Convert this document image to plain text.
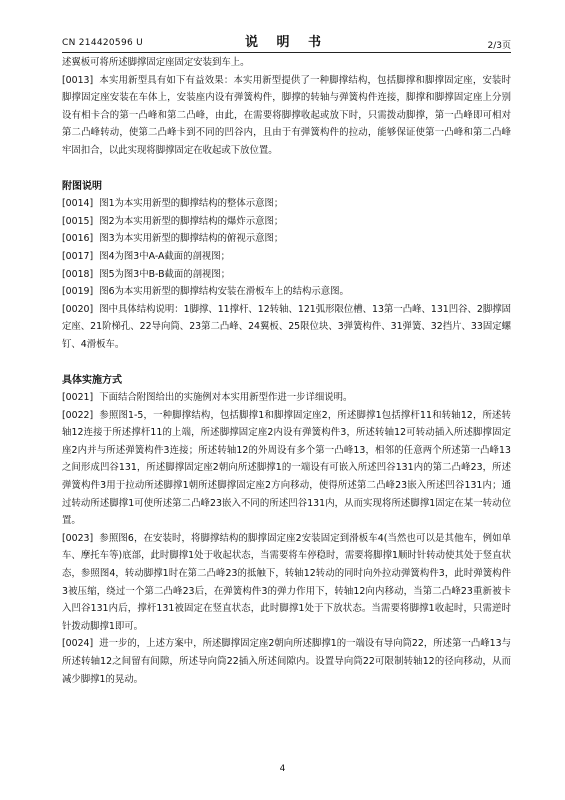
CN 214420596 U	说 明 书	2/3页

述翼板可将所述脚撑固定座固定安装到车上。

[0013] 本实用新型具有如下有益效果：本实用新型提供了一种脚撑结构，包括脚撑和脚撑固定座，安装时脚撑固定座安装在车体上，安装座内设有弹簧构件，脚撑的转轴与弹簧构件连接，脚撑和脚撑固定座上分别设有相卡合的第一凸峰和第二凸峰，由此，在需要将脚撑收起或放下时，只需拨动脚撑，第一凸峰即可相对第二凸峰转动，使第二凸峰卡到不同的凹谷内，且由于有弹簧构件的拉动，能够保证使第一凸峰和第二凸峰牢固扣合，以此实现将脚撑固定在收起或下放位置。

附图说明

[0014] 图1为本实用新型的脚撑结构的整体示意图；

[0015] 图2为本实用新型的脚撑结构的爆炸示意图；

[0016] 图3为本实用新型的脚撑结构的俯视示意图；

[0017] 图4为图3中A-A截面的剖视图；

[0018] 图5为图3中B-B截面的剖视图；

[0019] 图6为本实用新型的脚撑结构安装在滑板车上的结构示意图。

[0020] 图中具体结构说明：1脚撑、11撑杆、12转轴、121弧形限位槽、13第一凸峰、131凹谷、2脚撑固定座、21阶梯孔、22导向筒、23第二凸峰、24翼板、25限位块、3弹簧构件、31弹簧、32挡片、33固定螺钉、4滑板车。

具体实施方式

[0021] 下面结合附图给出的实施例对本实用新型作进一步详细说明。

[0022] 参照图1-5，一种脚撑结构，包括脚撑1和脚撑固定座2，所述脚撑1包括撑杆11和转轴12，所述转轴12连接于所述撑杆11的上端，所述脚撑固定座2内设有弹簧构件3，所述转轴12可转动插入所述脚撑固定座2内并与所述弹簧构件3连接；所述转轴12的外周设有多个第一凸峰13，相邻的任意两个所述第一凸峰13之间形成凹谷131，所述脚撑固定座2朝向所述脚撑1的一端设有可嵌入所述凹谷131内的第二凸峰23，所述弹簧构件3用于拉动所述脚撑1朝所述脚撑固定座2方向移动，使得所述第二凸峰23嵌入所述凹谷131内；通过转动所述脚撑1可使所述第二凸峰23嵌入不同的所述凹谷131内，从而实现将所述脚撑1固定在某一转动位置。

[0023] 参照图6，在安装时，将脚撑结构的脚撑固定座2安装固定到滑板车4(当然也可以是其他车，例如单车、摩托车等)底部，此时脚撑1处于收起状态，当需要将车停稳时，需要将脚撑1顺时针转动使其处于竖直状态，参照图4，转动脚撑1时在第二凸峰23的抵触下，转轴12转动的同时向外拉动弹簧构件3，此时弹簧构件3被压缩，绕过一个第二凸峰23后，在弹簧构件3的弹力作用下，转轴12向内移动，当第二凸峰23重新被卡入凹谷131内后，撑杆131被固定在竖直状态，此时脚撑1处于下放状态。当需要将脚撑1收起时，只需逆时针拨动脚撑1即可。

[0024] 进一步的，上述方案中，所述脚撑固定座2朝向所述脚撑1的一端设有导向筒22，所述第一凸峰13与所述转轴12之间留有间隙，所述导向筒22插入所述间隙内。设置导向筒22可限制转轴12的径向移动，从而减少脚撑1的晃动。

4
